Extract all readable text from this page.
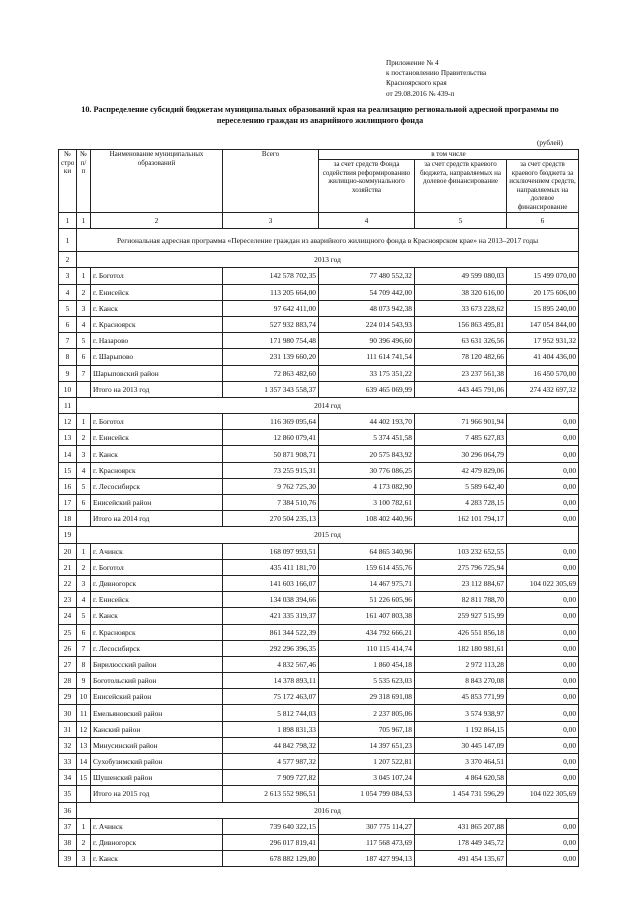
Приложение № 4
к постановлению Правительства
Красноярского края
от 29.08.2016 № 439-п
10. Распределение субсидий бюджетам муниципальных образований края на реализацию региональной адресной программы по переселению граждан из аварийного жилищного фонда
(рублей)
№ стро ки	№ п/п	Наименование муниципальных образований	Всего	в том числе		
				за счет средств Фонда содействия реформированию жилищно-коммунального хозяйства	за счет средств краевого бюджета, направляемых на долевое финансирование	за счет средств краевого бюджета за исключением средств, направляемых на долевое финансирование
1	1	2	3	4	5	6
1	Региональная адресная программа «Переселение граждан из аварийного жилищного фонда в Красноярском крае» на 2013–2017 годы					
2	2013 год					
3	1	г. Боготол	142 578 702,35	77 480 552,32	49 599 080,03	15 499 070,00
4	2	г. Енисейск	113 205 664,00	54 709 442,00	38 320 616,00	20 175 606,00
5	3	г. Канск	97 642 411,00	48 073 942,38	33 673 228,62	15 895 240,00
6	4	г. Красноярск	527 932 883,74	224 014 543,93	156 863 495,81	147 054 844,00
7	5	г. Назарово	171 980 754,48	90 396 496,60	63 631 326,56	17 952 931,32
8	6	г. Шарыпово	231 139 660,20	111 614 741,54	78 120 482,66	41 404 436,00
9	7	Шарыповский район	72 863 482,60	33 175 351,22	23 237 561,38	16 450 570,00
10		Итого на 2013 год	1 357 343 558,37	639 465 069,99	443 445 791,06	274 432 697,32
11	2014 год					
12	1	г. Боготол	116 369 095,64	44 402 193,70	71 966 901,94	0,00
13	2	г. Енисейск	12 860 079,41	5 374 451,58	7 485 627,83	0,00
14	3	г. Канск	50 871 908,71	20 575 843,92	30 296 064,79	0,00
15	4	г. Красноярск	73 255 915,31	30 776 086,25	42 479 829,06	0,00
16	5	г. Лесосибирск	9 762 725,30	4 173 082,90	5 589 642,40	0,00
17	6	Енисейский район	7 384 510,76	3 100 782,61	4 283 728,15	0,00
18		Итого на 2014 год	270 504 235,13	108 402 440,96	162 101 794,17	0,00
19	2015 год					
20	1	г. Ачинск	168 097 993,51	64 865 340,96	103 232 652,55	0,00
21	2	г. Боготол	435 411 181,70	159 614 455,76	275 796 725,94	0,00
22	3	г. Дивногорск	141 603 166,07	14 467 975,71	23 112 884,67	104 022 305,69
23	4	г. Енисейск	134 038 394,66	51 226 605,96	82 811 788,70	0,00
24	5	г. Канск	421 335 319,37	161 407 803,38	259 927 515,99	0,00
25	6	г. Красноярск	861 344 522,39	434 792 666,21	426 551 856,18	0,00
26	7	г. Лесосибирск	292 296 396,35	110 115 414,74	182 180 981,61	0,00
27	8	Бирилюсский район	4 832 567,46	1 860 454,18	2 972 113,28	0,00
28	9	Боготольский район	14 378 893,11	5 535 623,03	8 843 270,08	0,00
29	10	Енисейский район	75 172 463,07	29 318 691,08	45 853 771,99	0,00
30	11	Емельяновский район	5 812 744,03	2 237 805,06	3 574 938,97	0,00
31	12	Канский район	1 898 831,33	705 967,18	1 192 864,15	0,00
32	13	Минусинский район	44 842 798,32	14 397 651,23	30 445 147,09	0,00
33	14	Сухобузимский район	4 577 987,32	1 207 522,81	3 370 464,51	0,00
34	15	Шушенский район	7 909 727,82	3 045 107,24	4 864 620,58	0,00
35		Итого на 2015 год	2 613 552 986,51	1 054 799 084,53	1 454 731 596,29	104 022 305,69
36	2016 год					
37	1	г. Ачинск	739 640 322,15	307 775 114,27	431 865 207,88	0,00
38	2	г. Дивногорск	296 017 819,41	117 568 473,69	178 449 345,72	0,00
39	3	г. Канск	678 882 129,80	187 427 994,13	491 454 135,67	0,00
